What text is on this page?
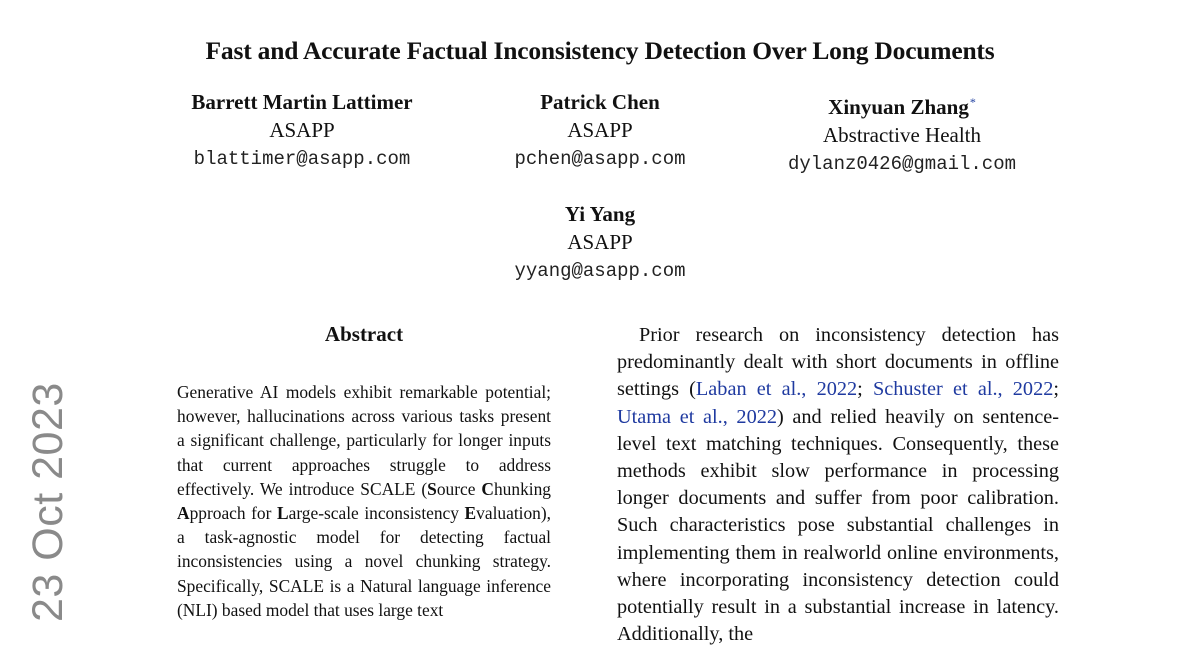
Fast and Accurate Factual Inconsistency Detection Over Long Documents
Barrett Martin Lattimer
ASAPP
blattimer@asapp.com
Patrick Chen
ASAPP
pchen@asapp.com
Xinyuan Zhang*
Abstractive Health
dylanz0426@gmail.com
Yi Yang
ASAPP
yyang@asapp.com
Abstract

Generative AI models exhibit remarkable potential; however, hallucinations across various tasks present a significant challenge, particularly for longer inputs that current approaches struggle to address effectively. We introduce SCALE (Source Chunking Approach for Large-scale inconsistency Evaluation), a task-agnostic model for detecting factual inconsistencies using a novel chunking strategy. Specifically, SCALE is a Natural language inference (NLI) based model that uses large text

Prior research on inconsistency detection has predominantly dealt with short documents in offline settings (Laban et al., 2022; Schuster et al., 2022; Utama et al., 2022) and relied heavily on sentence-level text matching techniques. Consequently, these methods exhibit slow performance in processing longer documents and suffer from poor calibration. Such characteristics pose substantial challenges in implementing them in realworld online environments, where incorporating inconsistency detection could potentially result in a substantial increase in latency. Additionally, the

23 Oct 2023
